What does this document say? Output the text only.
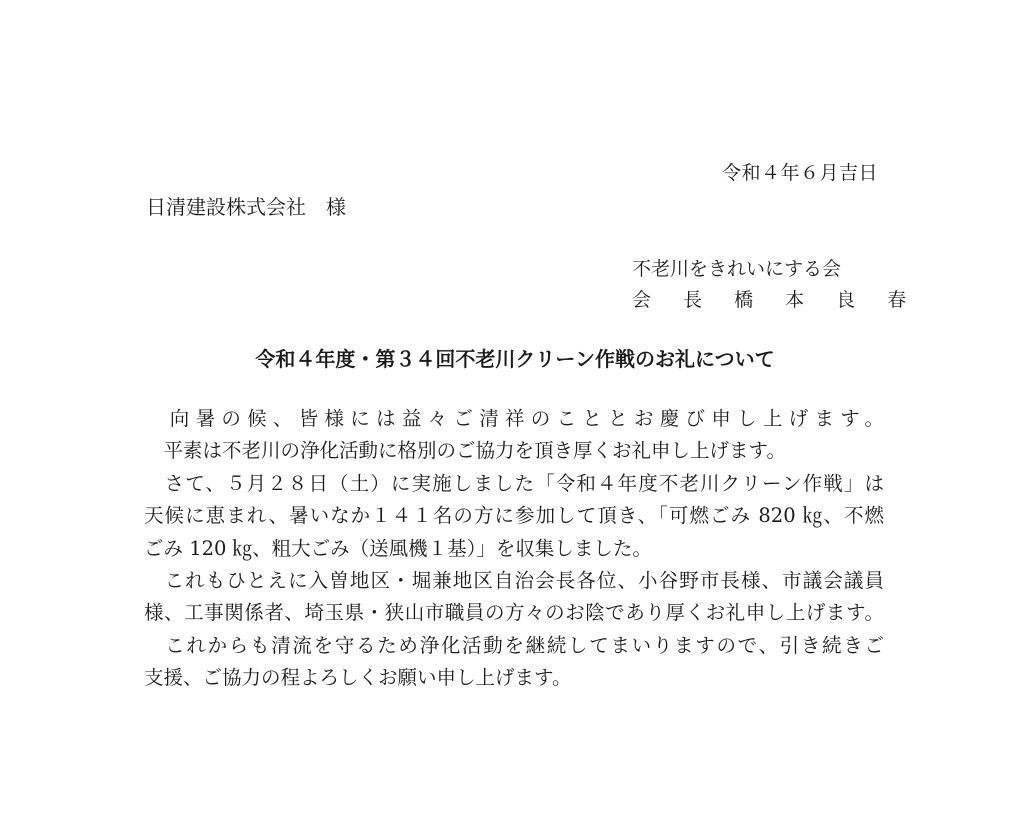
令和４年６月吉日
日清建設株式会社　様
不老川をきれいにする会
会 長 橋 本 良 春
令和４年度・第３４回不老川クリーン作戦のお礼について
　向暑の候、皆様には益々ご清祥のこととお慶び申し上げます。
　平素は不老川の浄化活動に格別のご協力を頂き厚くお礼申し上げます。
　さて、５月２８日（土）に実施しました「令和４年度不老川クリーン作戦」は
天候に恵まれ、暑いなか１４１名の方に参加して頂き、「可燃ごみ 820 ㎏、不燃
ごみ 120 ㎏、粗大ごみ（送風機１基）」を収集しました。
　これもひとえに入曽地区・堀兼地区自治会長各位、小谷野市長様、市議会議員
様、工事関係者、埼玉県・狭山市職員の方々のお陰であり厚くお礼申し上げます。
　これからも清流を守るため浄化活動を継続してまいりますので、引き続きご
支援、ご協力の程よろしくお願い申し上げます。
